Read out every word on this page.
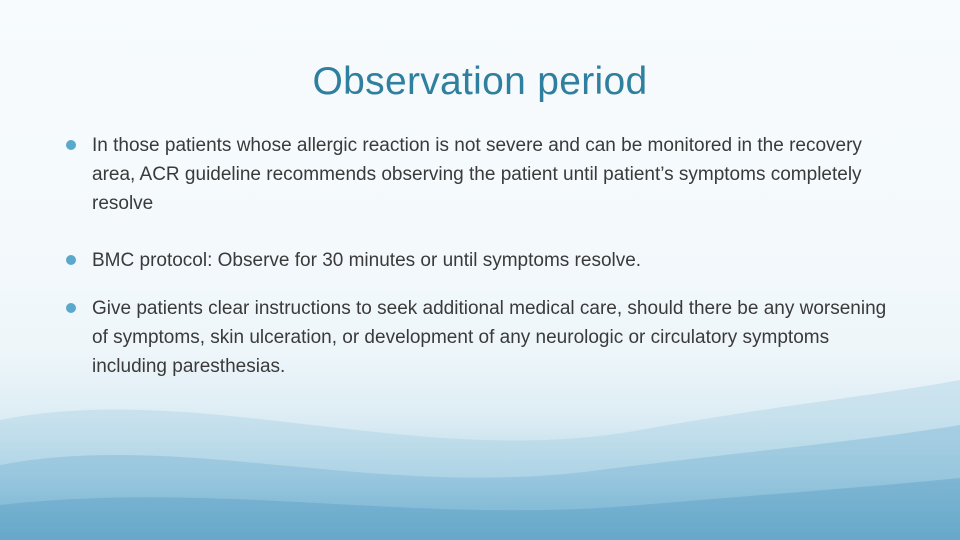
Observation period
In those patients whose allergic reaction is not severe and can be monitored in the recovery area, ACR guideline recommends observing the patient until patient’s symptoms completely resolve
BMC protocol: Observe for 30 minutes or until symptoms resolve.
Give patients clear instructions to seek additional medical care, should there be any worsening of symptoms, skin ulceration, or development of any neurologic or circulatory symptoms including paresthesias.
